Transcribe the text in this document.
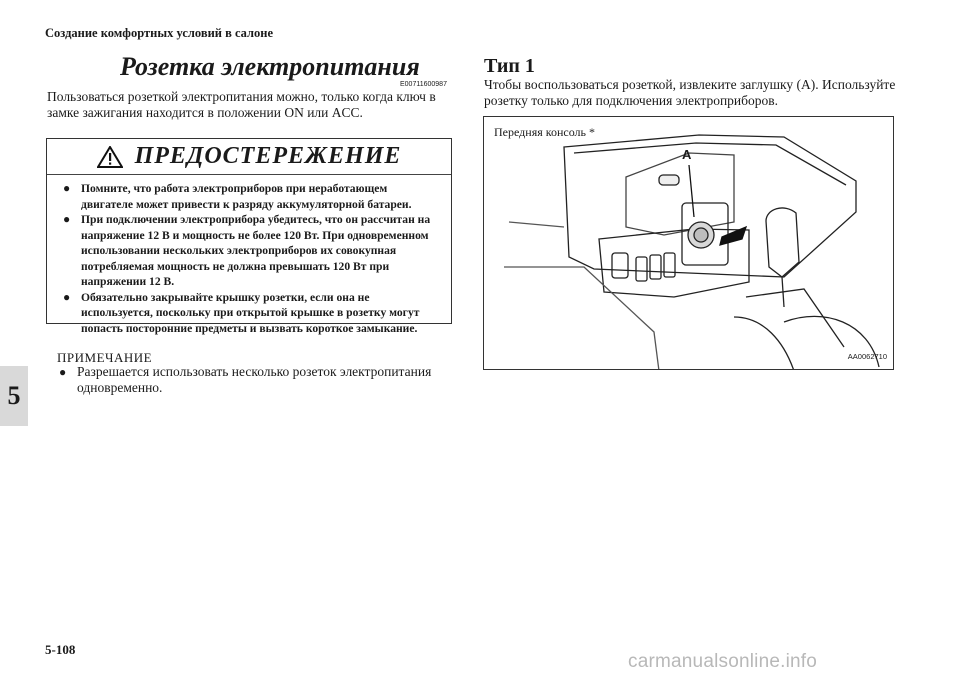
Создание комфортных условий в салоне
5
Розетка электропитания
E00711600987
Пользоваться розеткой электропитания можно, только когда ключ в замке зажигания находится в положении ON или ACC.
ПРЕДОСТЕРЕЖЕНИЕ
● Помните, что работа электроприборов при неработающем двигателе может привести к разряду аккумуляторной батареи.
● При подключении электроприбора убедитесь, что он рассчитан на напряжение 12 В и мощность не более 120 Вт. При одновременном использовании нескольких электроприборов их совокупная потребляемая мощность не должна превышать 120 Вт при напряжении 12 В.
● Обязательно закрывайте крышку розетки, если она не используется, поскольку при открытой крышке в розетку могут попасть посторонние предметы и вызвать короткое замыкание.
ПРИМЕЧАНИЕ
● Разрешается использовать несколько розеток электропитания одновременно.
Тип 1
Чтобы воспользоваться розеткой, извлеките заглушку (A). Используйте розетку только для подключения электроприборов.
Передняя консоль *
A
AA0062710
5-108
carmanualsonline.info
